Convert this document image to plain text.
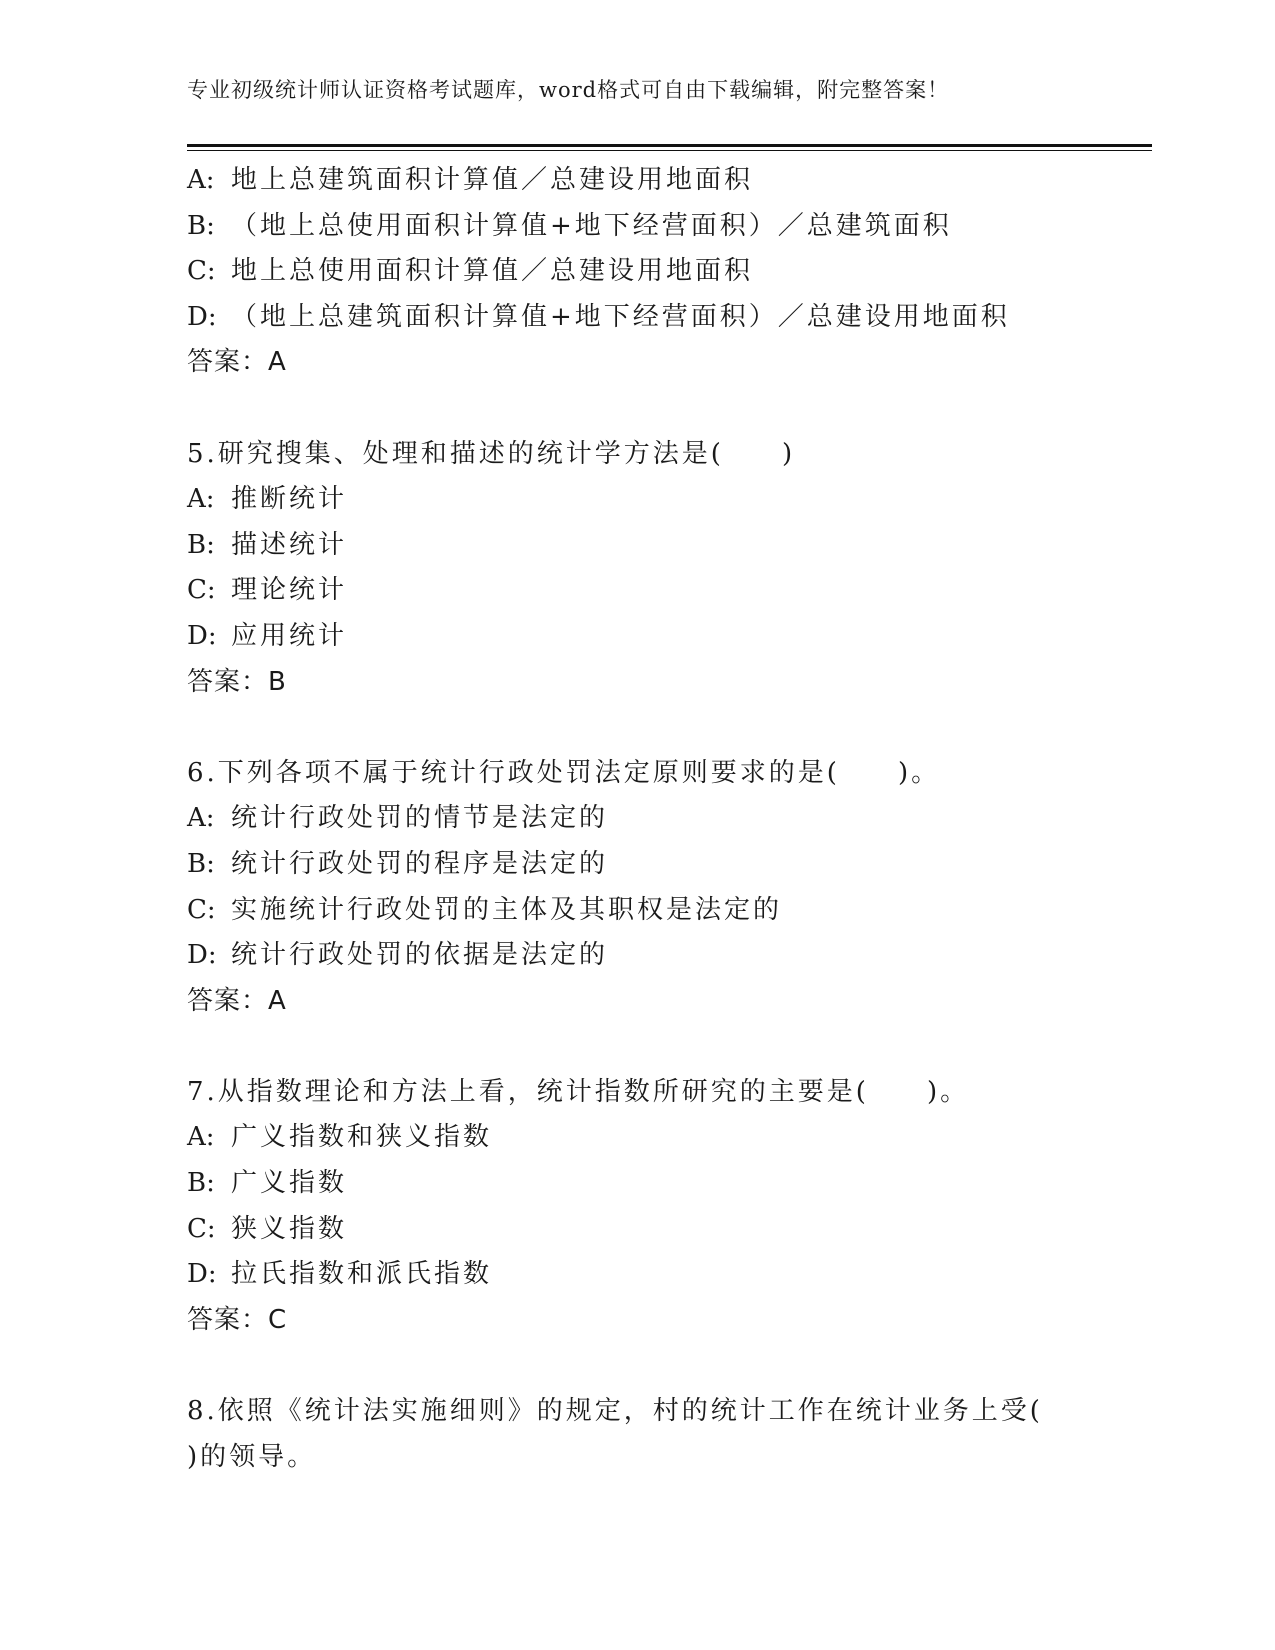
专业初级统计师认证资格考试题库，word格式可自由下载编辑，附完整答案！
A: 地上总建筑面积计算值／总建设用地面积
B: （地上总使用面积计算值+地下经营面积）／总建筑面积
C: 地上总使用面积计算值／总建设用地面积
D: （地上总建筑面积计算值+地下经营面积）／总建设用地面积
答案：A
5.研究搜集、处理和描述的统计学方法是(　　)
A: 推断统计
B: 描述统计
C: 理论统计
D: 应用统计
答案：B
6.下列各项不属于统计行政处罚法定原则要求的是(　　)。
A: 统计行政处罚的情节是法定的
B: 统计行政处罚的程序是法定的
C: 实施统计行政处罚的主体及其职权是法定的
D: 统计行政处罚的依据是法定的
答案：A
7.从指数理论和方法上看，统计指数所研究的主要是(　　)。
A: 广义指数和狭义指数
B: 广义指数
C: 狭义指数
D: 拉氏指数和派氏指数
答案：C
8.依照《统计法实施细则》的规定，村的统计工作在统计业务上受(
)的领导。
